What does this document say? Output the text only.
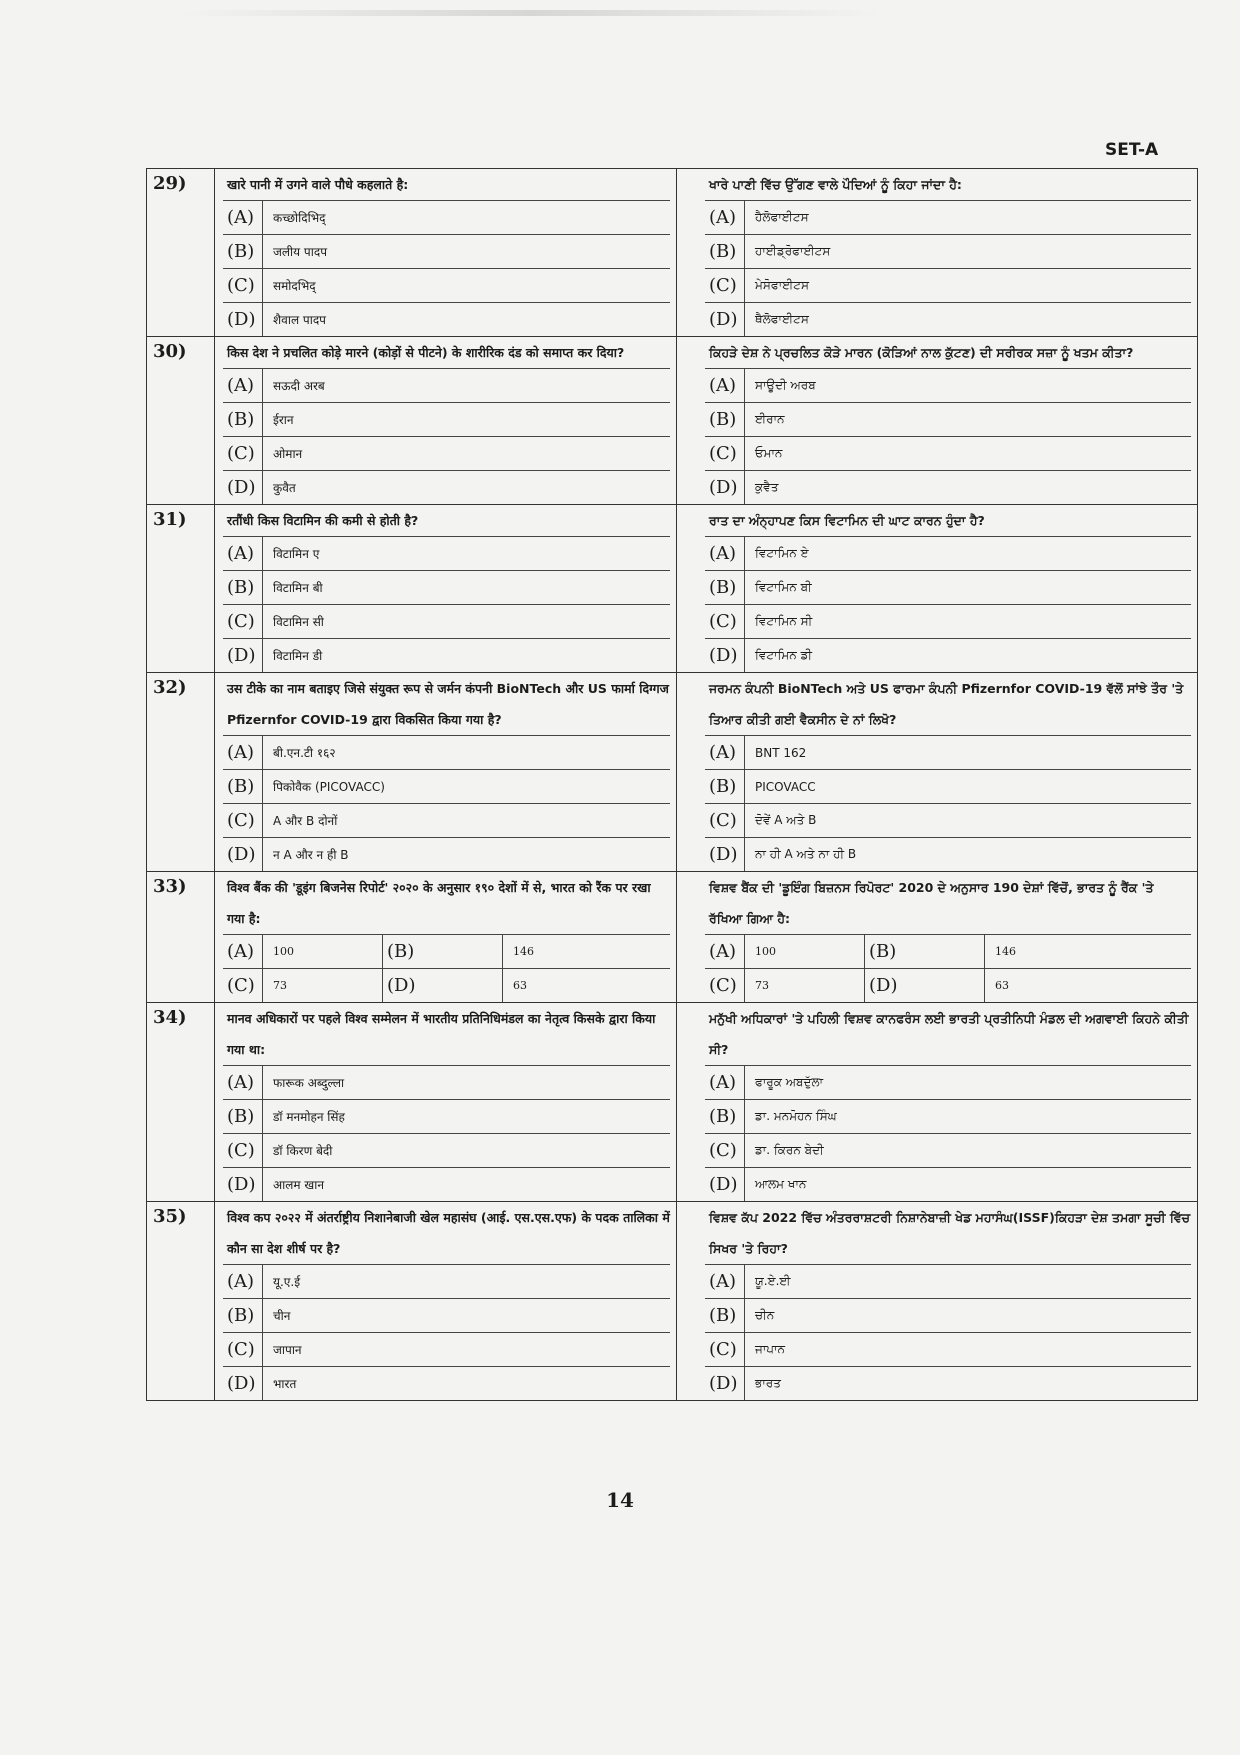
SET-A
29)	खारे पानी में उगने वाले पौधे कहलाते है:
(A)	कच्छोदिभिद्
(B)	जलीय पादप
(C)	समोदभिद्
(D)	शैवाल पादप
ਖਾਰੇ ਪਾਣੀ ਵਿੱਚ ਉੱਗਣ ਵਾਲੇ ਪੌਦਿਆਂ ਨੂੰ ਕਿਹਾ ਜਾਂਦਾ ਹੈ:
(A)	ਹੈਲੋਫਾਈਟਸ
(B)	ਹਾਈਡ੍ਰੋਫਾਈਟਸ
(C)	ਮੇਸੋਫਾਈਟਸ
(D)	ਥੈਲੋਫਾਈਟਸ
30)	किस देश ने प्रचलित कोड़े मारने (कोड़ों से पीटने) के शारीरिक दंड को समाप्त कर दिया?
(A)	सऊदी अरब
(B)	ईरान
(C)	ओमान
(D)	कुवैत
ਕਿਹੜੇ ਦੇਸ਼ ਨੇ ਪ੍ਰਚਲਿਤ ਕੋੜੇ ਮਾਰਨ (ਕੋੜਿਆਂ ਨਾਲ ਕੁੱਟਣ) ਦੀ ਸਰੀਰਕ ਸਜ਼ਾ ਨੂੰ ਖਤਮ ਕੀਤਾ?
(A)	ਸਾਊਦੀ ਅਰਬ
(B)	ਈਰਾਨ
(C)	ਓਮਾਨ
(D)	ਕੁਵੈਤ
31)	रतौंधी किस विटामिन की कमी से होती है?
(A)	विटामिन ए
(B)	विटामिन बी
(C)	विटामिन सी
(D)	विटामिन डी
ਰਾਤ ਦਾ ਅੰਨ੍ਹਾਪਣ ਕਿਸ ਵਿਟਾਮਿਨ ਦੀ ਘਾਟ ਕਾਰਨ ਹੁੰਦਾ ਹੈ?
(A)	ਵਿਟਾਮਿਨ ਏ
(B)	ਵਿਟਾਮਿਨ ਬੀ
(C)	ਵਿਟਾਮਿਨ ਸੀ
(D)	ਵਿਟਾਮਿਨ ਡੀ
32)	उस टीके का नाम बताइए जिसे संयुक्त रूप से जर्मन कंपनी BioNTech और US फार्मा दिग्गज Pfizernfor COVID-19 द्वारा विकसित किया गया है?
(A)	बी.एन.टी १६२
(B)	पिकोवैक (PICOVACC)
(C)	A और B दोनों
(D)	न A और न ही B
ਜਰਮਨ ਕੰਪਨੀ BioNTech ਅਤੇ US ਫਾਰਮਾ ਕੰਪਨੀ Pfizernfor COVID-19 ਵੱਲੋਂ ਸਾਂਝੇ ਤੌਰ 'ਤੇ ਤਿਆਰ ਕੀਤੀ ਗਈ ਵੈਕਸੀਨ ਦੇ ਨਾਂ ਲਿਖੋ?
(A)	BNT 162
(B)	PICOVACC
(C)	ਦੋਵੇਂ A ਅਤੇ B
(D)	ਨਾ ਹੀ A ਅਤੇ ਨਾ ਹੀ B
33)	विश्व बैंक की 'डूइंग बिजनेस रिपोर्ट' २०२० के अनुसार १९० देशों में से, भारत को रैंक पर रखा गया है:
(A)	100	(B)	146
(C)	73	(D)	63
ਵਿਸ਼ਵ ਬੈਂਕ ਦੀ 'ਡੂਇੰਗ ਬਿਜ਼ਨਸ ਰਿਪੋਰਟ' 2020 ਦੇ ਅਨੁਸਾਰ 190 ਦੇਸ਼ਾਂ ਵਿੱਚੋਂ, ਭਾਰਤ ਨੂੰ ਰੈਂਕ 'ਤੇ ਰੱਖਿਆ ਗਿਆ ਹੈ:
(A)	100	(B)	146
(C)	73	(D)	63
34)	मानव अधिकारों पर पहले विश्व सम्मेलन में भारतीय प्रतिनिधिमंडल का नेतृत्व किसके द्वारा किया गया था:
(A)	फारूक अब्दुल्ला
(B)	डॉ मनमोहन सिंह
(C)	डॉ किरण बेदी
(D)	आलम खान
ਮਨੁੱਖੀ ਅਧਿਕਾਰਾਂ 'ਤੇ ਪਹਿਲੀ ਵਿਸ਼ਵ ਕਾਨਫਰੰਸ ਲਈ ਭਾਰਤੀ ਪ੍ਰਤੀਨਿਧੀ ਮੰਡਲ ਦੀ ਅਗਵਾਈ ਕਿਹਨੇ ਕੀਤੀ ਸੀ?
(A)	ਫਾਰੂਕ ਅਬਦੁੱਲਾ
(B)	ਡਾ. ਮਨਮੋਹਨ ਸਿੰਘ
(C)	ਡਾ. ਕਿਰਨ ਬੇਦੀ
(D)	ਆਲਮ ਖਾਨ
35)	विश्व कप २०२२ में अंतर्राष्ट्रीय निशानेबाजी खेल महासंघ (आई. एस.एस.एफ) के पदक तालिका में कौन सा देश शीर्ष पर है?
(A)	यू.ए.ई
(B)	चीन
(C)	जापान
(D)	भारत
ਵਿਸ਼ਵ ਕੱਪ 2022 ਵਿੱਚ ਅੰਤਰਰਾਸ਼ਟਰੀ ਨਿਸ਼ਾਨੇਬਾਜ਼ੀ ਖੇਡ ਮਹਾਸੰਘ(ISSF)ਕਿਹੜਾ ਦੇਸ਼ ਤਮਗਾ ਸੂਚੀ ਵਿੱਚ ਸਿਖਰ 'ਤੇ ਰਿਹਾ?
(A)	ਯੂ.ਏ.ਈ
(B)	ਚੀਨ
(C)	ਜਾਪਾਨ
(D)	ਭਾਰਤ
14
